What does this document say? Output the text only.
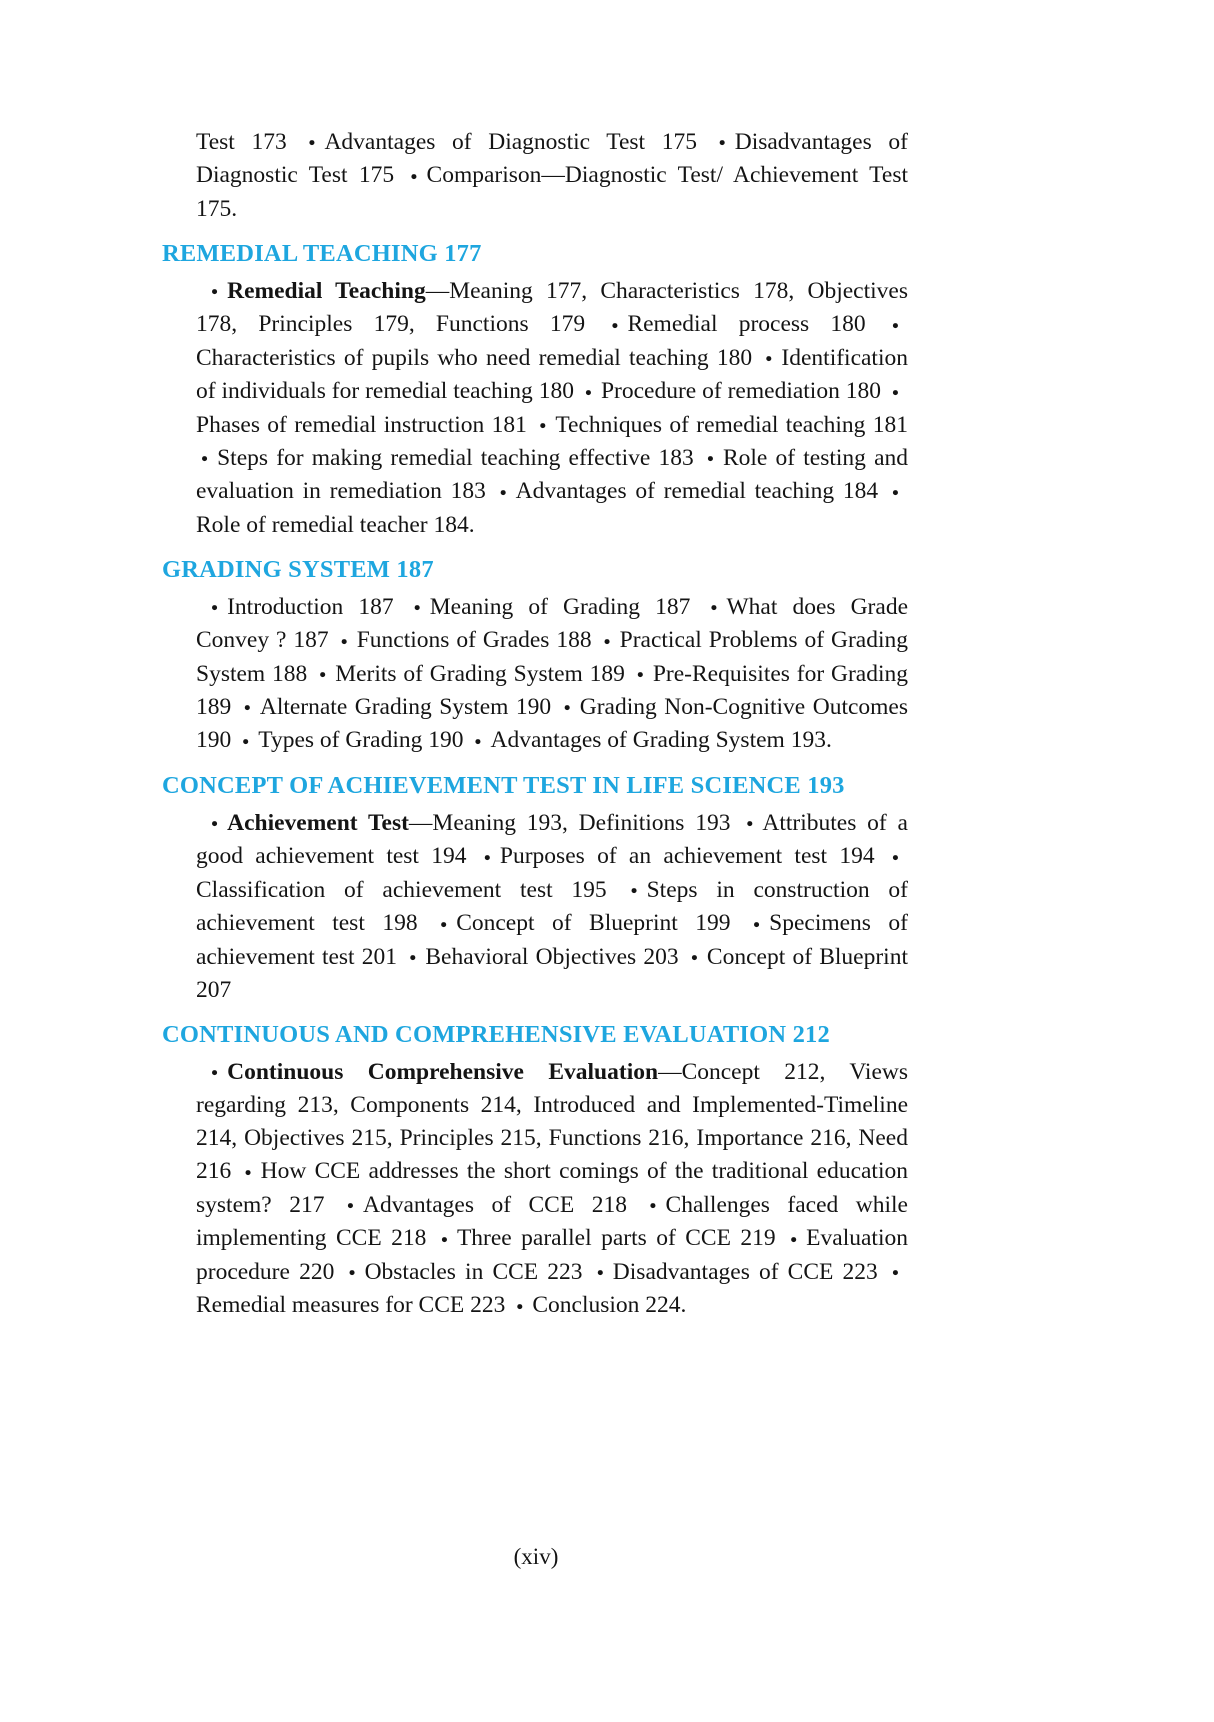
Test 173 ● Advantages of Diagnostic Test 175 ● Disadvantages of Diagnostic Test 175 ● Comparison—Diagnostic Test/ Achievement Test 175.

REMEDIAL TEACHING 177

● Remedial Teaching—Meaning 177, Characteristics 178, Objectives 178, Principles 179, Functions 179 ● Remedial process 180 ●Characteristics of pupils who need remedial teaching 180 ● Identification of individuals for remedial teaching 180 ● Procedure of remediation 180 ●Phases of remedial instruction 181 ● Techniques of remedial teaching 181 ● Steps for making remedial teaching effective 183 ● Role of testing and evaluation in remediation 183 ● Advantages of remedial teaching 184 ●Role of remedial teacher 184.

GRADING SYSTEM 187

● Introduction 187 ● Meaning of Grading 187 ● What does Grade Convey ? 187 ● Functions of Grades 188 ● Practical Problems of Grading System 188 ● Merits of Grading System 189 ● Pre-Requisites for Grading 189 ● Alternate Grading System 190 ● Grading Non-Cognitive Outcomes 190 ● Types of Grading 190 ● Advantages of Grading System 193.

CONCEPT OF ACHIEVEMENT TEST IN LIFE SCIENCE 193

● Achievement Test—Meaning 193, Definitions 193 ● Attributes of a good achievement test 194 ● Purposes of an achievement test 194 ●Classification of achievement test 195 ● Steps in construction of achievement test 198 ● Concept of Blueprint 199 ● Specimens of achievement test 201 ● Behavioral Objectives 203 ● Concept of Blueprint 207

CONTINUOUS AND COMPREHENSIVE EVALUATION 212

● Continuous Comprehensive Evaluation—Concept 212, Views regarding 213, Components 214, Introduced and Implemented-Timeline 214, Objectives 215, Principles 215, Functions 216, Importance 216, Need 216 ● How CCE addresses the short comings of the traditional education system? 217 ● Advantages of CCE 218 ● Challenges faced while implementing CCE 218 ● Three parallel parts of CCE 219 ● Evaluation procedure 220 ● Obstacles in CCE 223 ● Disadvantages of CCE 223 ●Remedial measures for CCE 223 ● Conclusion 224.

(xiv)
